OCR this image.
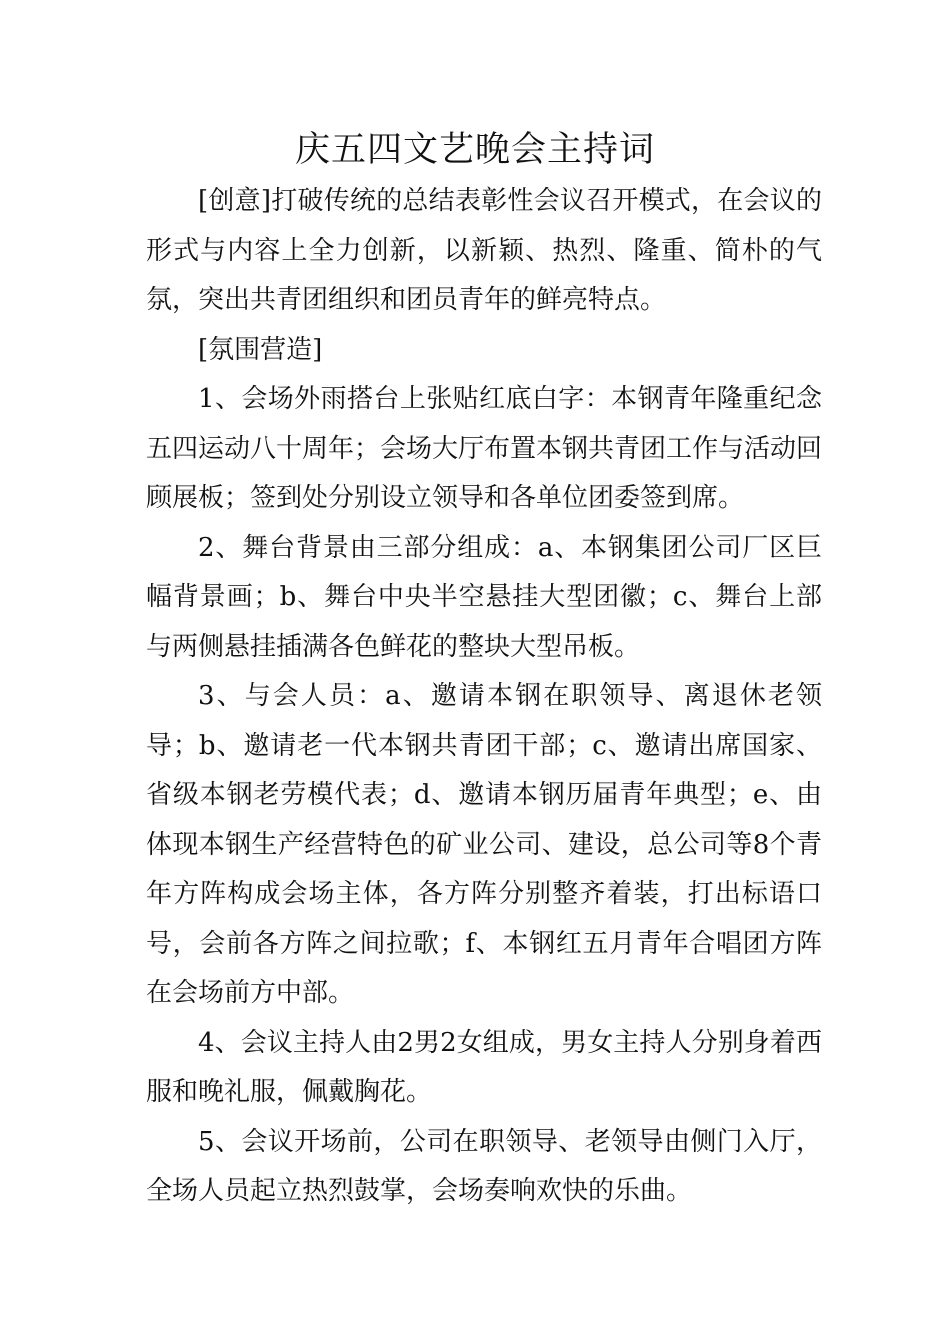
庆五四文艺晚会主持词

[创意]打破传统的总结表彰性会议召开模式，在会议的形式与内容上全力创新，以新颖、热烈、隆重、简朴的气氛，突出共青团组织和团员青年的鲜亮特点。

[氛围营造]

1、会场外雨搭台上张贴红底白字：本钢青年隆重纪念五四运动八十周年；会场大厅布置本钢共青团工作与活动回顾展板；签到处分别设立领导和各单位团委签到席。

2、舞台背景由三部分组成：a、本钢集团公司厂区巨幅背景画；b、舞台中央半空悬挂大型团徽；c、舞台上部与两侧悬挂插满各色鲜花的整块大型吊板。

3、与会人员：a、邀请本钢在职领导、离退休老领导；b、邀请老一代本钢共青团干部；c、邀请出席国家、省级本钢老劳模代表；d、邀请本钢历届青年典型；e、由体现本钢生产经营特色的矿业公司、建设，总公司等8个青年方阵构成会场主体，各方阵分别整齐着装，打出标语口号，会前各方阵之间拉歌；f、本钢红五月青年合唱团方阵在会场前方中部。

4、会议主持人由2男2女组成，男女主持人分别身着西服和晚礼服，佩戴胸花。

5、会议开场前，公司在职领导、老领导由侧门入厅，全场人员起立热烈鼓掌，会场奏响欢快的乐曲。
